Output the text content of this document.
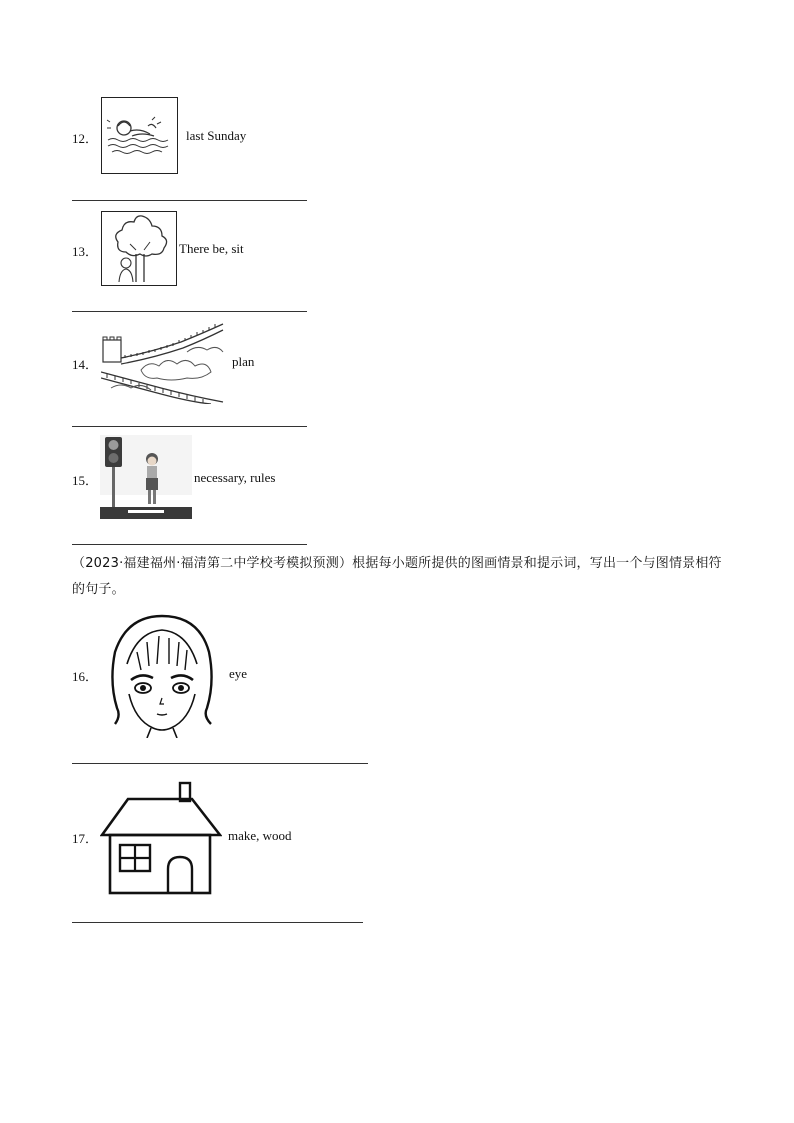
12．	last Sunday
13．	There be, sit
14．	plan
15．	necessary, rules
（2023·福建福州·福清第二中学校考模拟预测）根据每小题所提供的图画情景和提示词，写出一个与图情景相符的句子。
16．	eye
17．	make, wood
